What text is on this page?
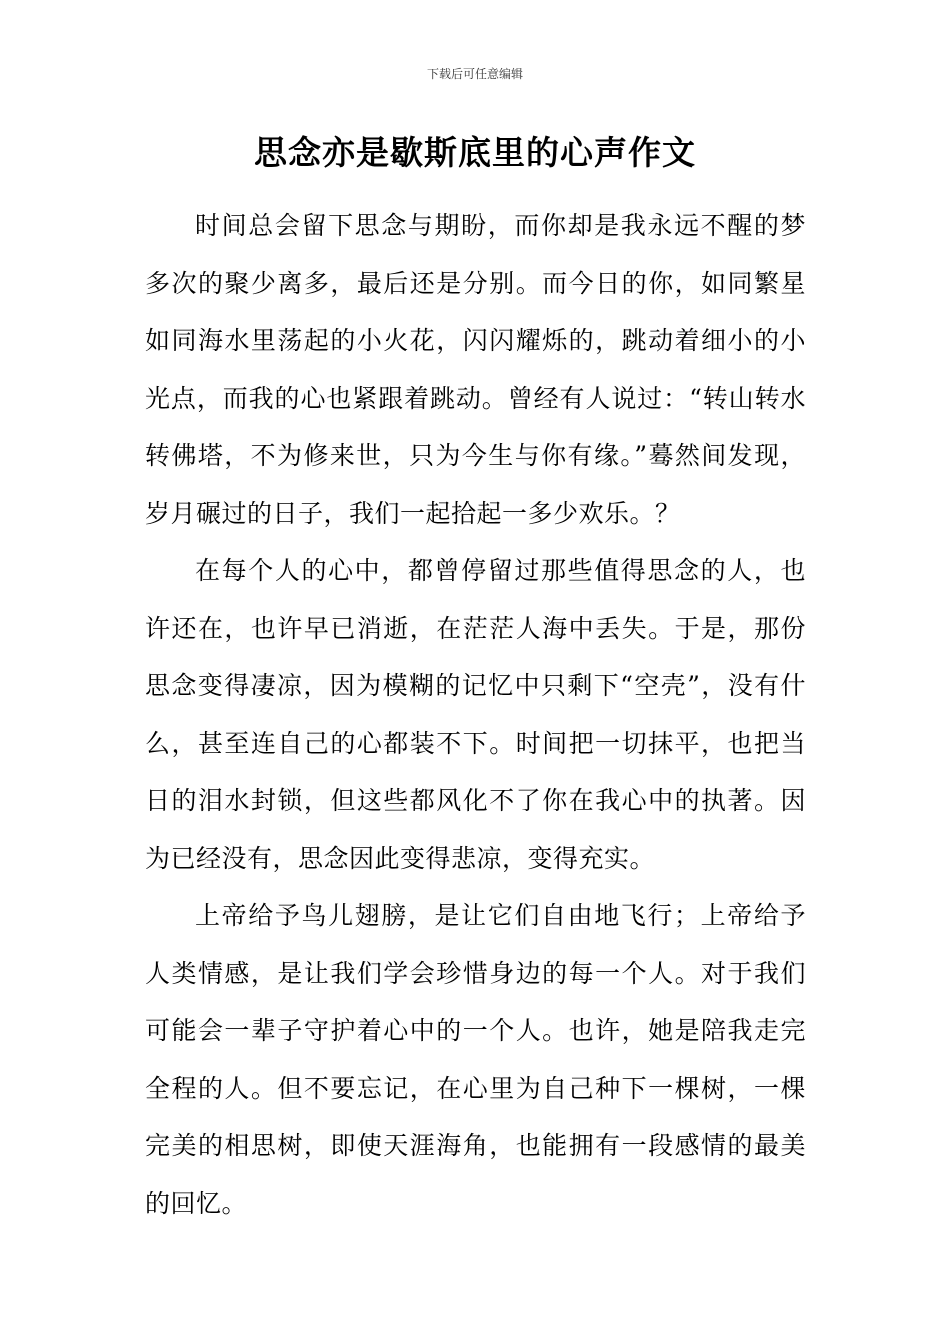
下载后可任意编辑
思念亦是歇斯底里的心声作文

时间总会留下思念与期盼，而你却是我永远不醒的梦多次的聚少离多，最后还是分别。而今日的你，如同繁星如同海水里荡起的小火花，闪闪耀烁的，跳动着细小的小光点，而我的心也紧跟着跳动。曾经有人说过：“转山转水转佛塔，不为修来世，只为今生与你有缘。”蓦然间发现，岁月碾过的日子，我们一起拾起一多少欢乐。？

在每个人的心中，都曾停留过那些值得思念的人，也许还在，也许早已消逝，在茫茫人海中丢失。于是，那份思念变得凄凉，因为模糊的记忆中只剩下“空壳”，没有什么，甚至连自己的心都装不下。时间把一切抹平，也把当日的泪水封锁，但这些都风化不了你在我心中的执著。因为已经没有，思念因此变得悲凉，变得充实。

上帝给予鸟儿翅膀，是让它们自由地飞行；上帝给予人类情感，是让我们学会珍惜身边的每一个人。对于我们可能会一辈子守护着心中的一个人。也许，她是陪我走完全程的人。但不要忘记，在心里为自己种下一棵树，一棵完美的相思树，即使天涯海角，也能拥有一段感情的最美的回忆。
